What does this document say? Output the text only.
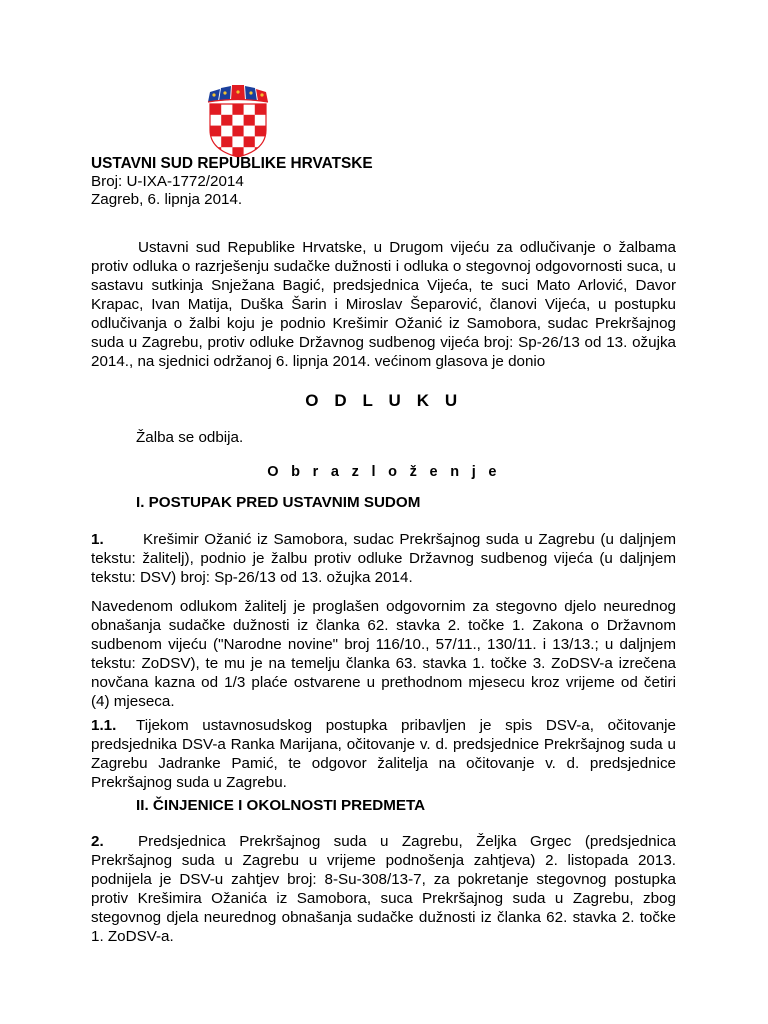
USTAVNI SUD REPUBLIKE HRVATSKE
Broj: U-IXA-1772/2014
Zagreb, 6. lipnja 2014.
Ustavni sud Republike Hrvatske, u Drugom vijeću za odlučivanje o žalbama protiv odluka o razrješenju sudačke dužnosti i odluka o stegovnoj odgovornosti suca, u sastavu sutkinja Snježana Bagić, predsjednica Vijeća, te suci Mato Arlović, Davor Krapac, Ivan Matija, Duška Šarin i Miroslav Šeparović, članovi Vijeća, u postupku odlučivanja o žalbi koju je podnio Krešimir Ožanić iz Samobora, sudac Prekršajnog suda u Zagrebu, protiv odluke Državnog sudbenog vijeća broj: Sp-26/13 od 13. ožujka 2014., na sjednici održanoj 6. lipnja 2014. većinom glasova je donio
O D L U K U
Žalba se odbija.
O b r a z l o ž e n j e
I. POSTUPAK PRED USTAVNIM SUDOM
1.	Krešimir Ožanić iz Samobora, sudac Prekršajnog suda u Zagrebu (u daljnjem tekstu: žalitelj), podnio je žalbu protiv odluke Državnog sudbenog vijeća (u daljnjem tekstu: DSV) broj: Sp-26/13 od 13. ožujka 2014.
Navedenom odlukom žalitelj je proglašen odgovornim za stegovno djelo neurednog obnašanja sudačke dužnosti iz članka 62. stavka 2. točke 1. Zakona o Državnom sudbenom vijeću ("Narodne novine" broj 116/10., 57/11., 130/11. i 13/13.; u daljnjem tekstu: ZoDSV), te mu je na temelju članka 63. stavka 1. točke 3. ZoDSV-a izrečena novčana kazna od 1/3 plaće ostvarene u prethodnom mjesecu kroz vrijeme od četiri (4) mjeseca.
1.1. Tijekom ustavnosudskog postupka pribavljen je spis DSV-a, očitovanje predsjednika DSV-a Ranka Marijana, očitovanje v. d. predsjednice Prekršajnog suda u Zagrebu Jadranke Pamić, te odgovor žalitelja na očitovanje v. d. predsjednice Prekršajnog suda u Zagrebu.
II. ČINJENICE I OKOLNOSTI PREDMETA
2. Predsjednica Prekršajnog suda u Zagrebu, Željka Grgec (predsjednica Prekršajnog suda u Zagrebu u vrijeme podnošenja zahtjeva) 2. listopada 2013. podnijela je DSV-u zahtjev broj: 8-Su-308/13-7, za pokretanje stegovnog postupka protiv Krešimira Ožanića iz Samobora, suca Prekršajnog suda u Zagrebu, zbog stegovnog djela neurednog obnašanja sudačke dužnosti iz članka 62. stavka 2. točke 1. ZoDSV-a.
